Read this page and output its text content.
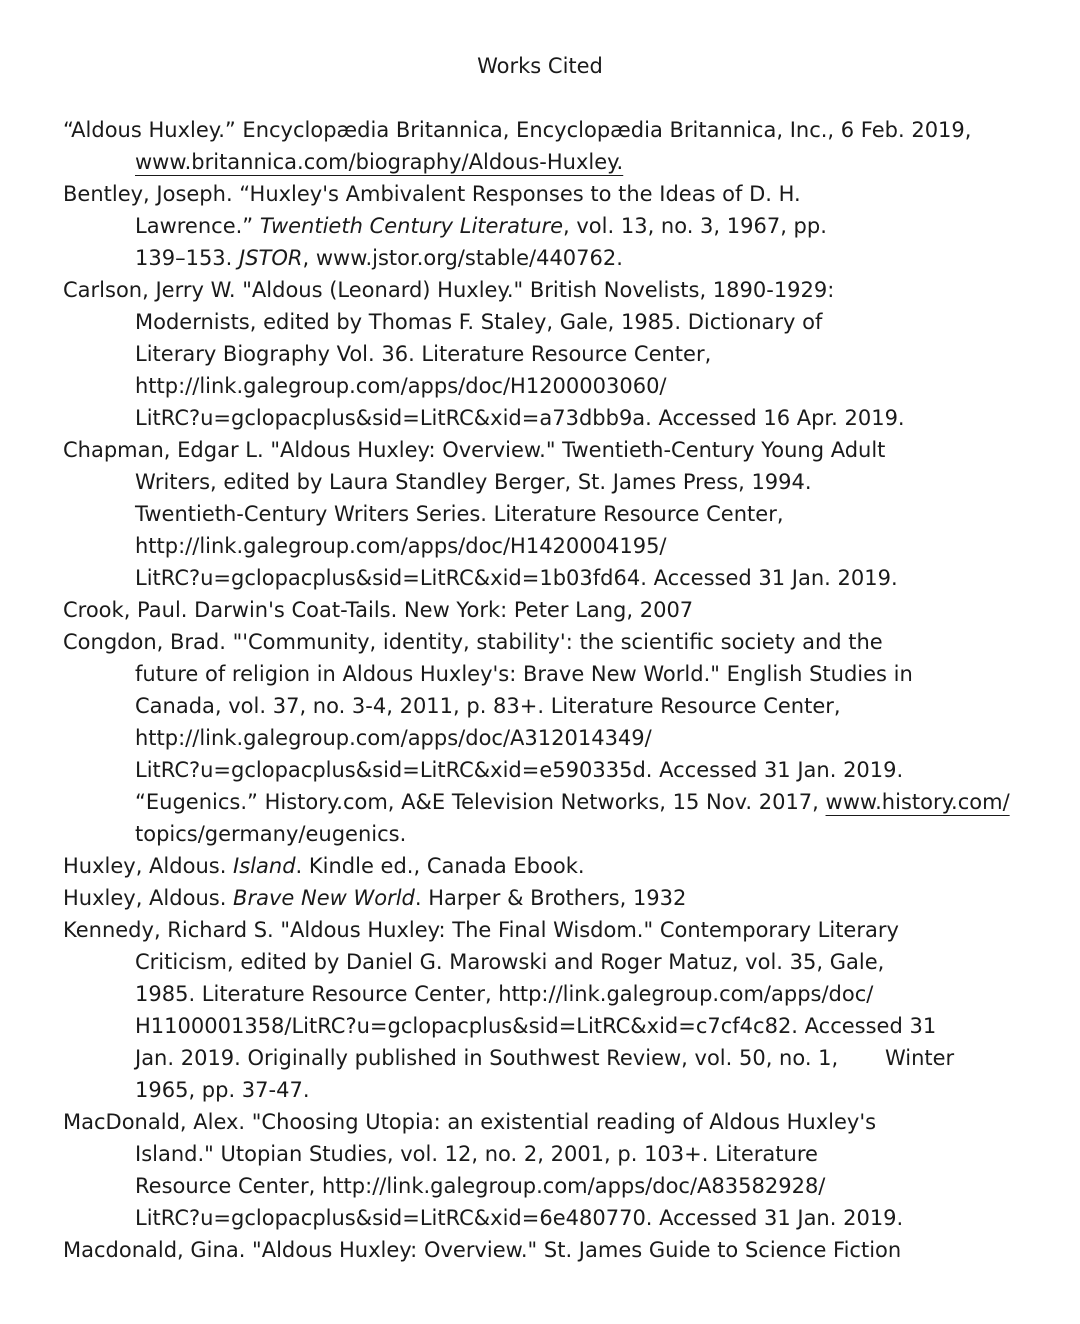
Works Cited
“Aldous Huxley.” Encyclopædia Britannica, Encyclopædia Britannica, Inc., 6 Feb. 2019,
www.britannica.com/biography/Aldous-Huxley.
Bentley, Joseph. “Huxley's Ambivalent Responses to the Ideas of D. H.
Lawrence.” Twentieth Century Literature, vol. 13, no. 3, 1967, pp.
139–153. JSTOR, www.jstor.org/stable/440762.
Carlson, Jerry W. "Aldous (Leonard) Huxley." British Novelists, 1890-1929:
Modernists, edited by Thomas F. Staley, Gale, 1985. Dictionary of
Literary Biography Vol. 36. Literature Resource Center,
http://link.galegroup.com/apps/doc/H1200003060/
LitRC?u=gclopacplus&sid=LitRC&xid=a73dbb9a. Accessed 16 Apr. 2019.
Chapman, Edgar L. "Aldous Huxley: Overview." Twentieth-Century Young Adult
Writers, edited by Laura Standley Berger, St. James Press, 1994.
Twentieth-Century Writers Series. Literature Resource Center,
http://link.galegroup.com/apps/doc/H1420004195/
LitRC?u=gclopacplus&sid=LitRC&xid=1b03fd64. Accessed 31 Jan. 2019.
Crook, Paul. Darwin's Coat-Tails. New York: Peter Lang, 2007
Congdon, Brad. "'Community, identity, stability': the scientific society and the
future of religion in Aldous Huxley's: Brave New World." English Studies in
Canada, vol. 37, no. 3-4, 2011, p. 83+. Literature Resource Center,
http://link.galegroup.com/apps/doc/A312014349/
LitRC?u=gclopacplus&sid=LitRC&xid=e590335d. Accessed 31 Jan. 2019.
“Eugenics.” History.com, A&E Television Networks, 15 Nov. 2017, www.history.com/
topics/germany/eugenics.
Huxley, Aldous. Island. Kindle ed., Canada Ebook.
Huxley, Aldous. Brave New World. Harper & Brothers, 1932
Kennedy, Richard S. "Aldous Huxley: The Final Wisdom." Contemporary Literary
Criticism, edited by Daniel G. Marowski and Roger Matuz, vol. 35, Gale,
1985. Literature Resource Center, http://link.galegroup.com/apps/doc/
H1100001358/LitRC?u=gclopacplus&sid=LitRC&xid=c7cf4c82. Accessed 31
Jan. 2019. Originally published in Southwest Review, vol. 50, no. 1,       Winter
1965, pp. 37-47.
MacDonald, Alex. "Choosing Utopia: an existential reading of Aldous Huxley's
Island." Utopian Studies, vol. 12, no. 2, 2001, p. 103+. Literature
Resource Center, http://link.galegroup.com/apps/doc/A83582928/
LitRC?u=gclopacplus&sid=LitRC&xid=6e480770. Accessed 31 Jan. 2019.
Macdonald, Gina. "Aldous Huxley: Overview." St. James Guide to Science Fiction
